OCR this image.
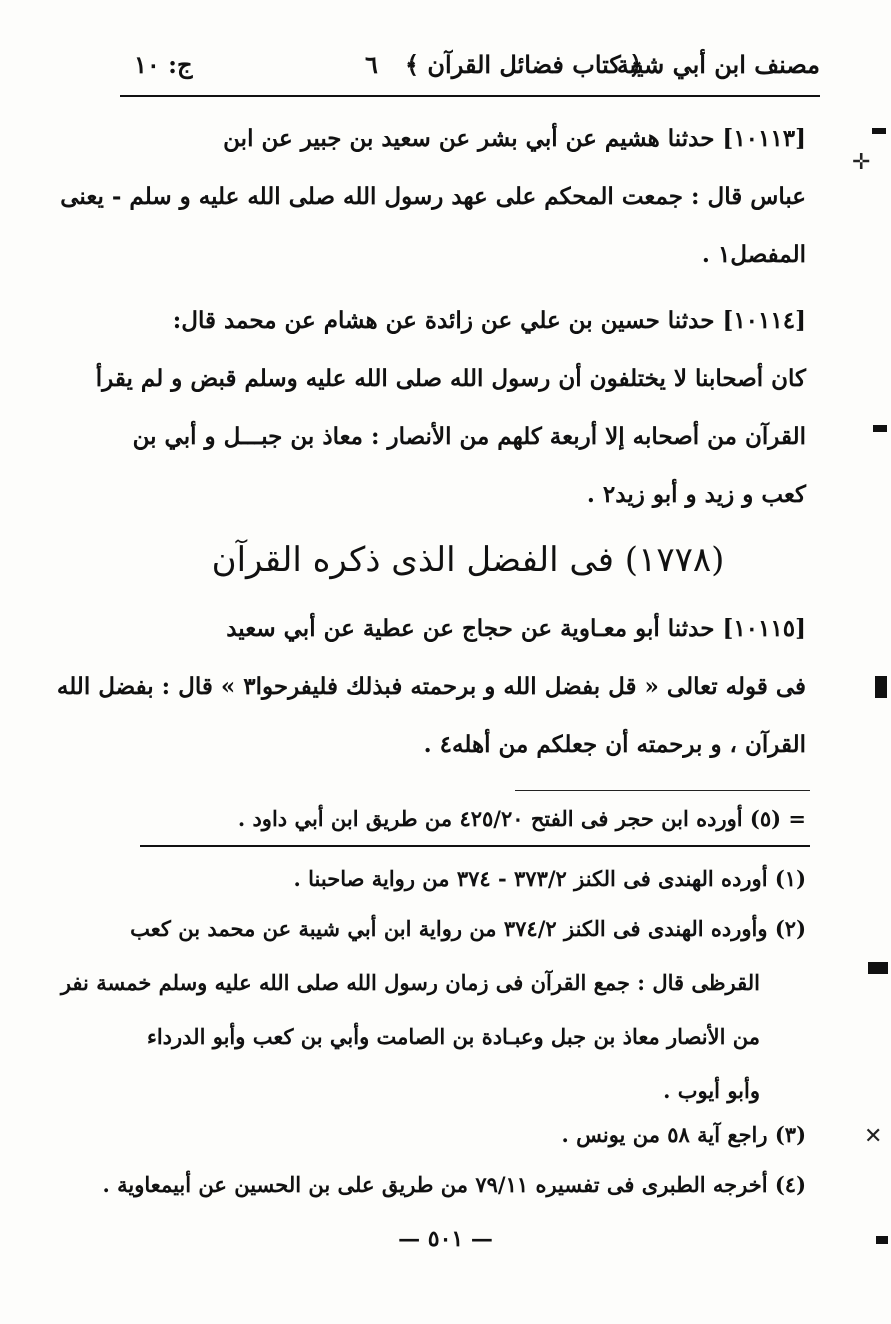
مصنف ابن أبي شيبة
﴿ كتاب فضائل القرآن ﴾
٦
ج: ١٠
[١٠١١٣] حدثنا هشيم عن أبي بشر عن سعيد بن جبير عن ابن
عباس قال : جمعت المحكم على عهد رسول الله صلى الله عليه و سلم - يعنى
المفصل١ .
[١٠١١٤] حدثنا حسين بن علي عن زائدة عن هشام عن محمد قال:
كان أصحابنا لا يختلفون أن رسول الله صلى الله عليه وسلم قبض و لم يقرأ
القرآن من أصحابه إلا أربعة كلهم من الأنصار : معاذ بن جبـــل و أبي بن
كعب و زيد و أبو زيد٢ .
(١٧٧٨) فى الفضل الذى ذكره القرآن
[١٠١١٥] حدثنا أبو معـاوية عن حجاج عن عطية عن أبي سعيد
فى قوله تعالى « قل بفضل الله و برحمته فبذلك فليفرحوا٣ » قال : بفضل الله
القرآن ، و برحمته أن جعلكم من أهله٤ .
= (٥) أورده ابن حجر فى الفتح ٤٢٥/٢٠ من طريق ابن أبي داود .
(١) أورده الهندى فى الكنز ٣٧٣/٢ - ٣٧٤ من رواية صاحبنا .
(٢) وأورده الهندى فى الكنز ٣٧٤/٢ من رواية ابن أبي شيبة عن محمد بن كعب
القرظى قال : جمع القرآن فى زمان رسول الله صلى الله عليه وسلم خمسة نفر
من الأنصار معاذ بن جبل وعبـادة بن الصامت وأبي بن كعب وأبو الدرداء
وأبو أيوب .
(٣) راجع آية ٥٨ من يونس .
(٤) أخرجه الطبرى فى تفسيره ٧٩/١١ من طريق على بن الحسين عن أبيمعاوية .
— ٥٠١ —
✛
✕
